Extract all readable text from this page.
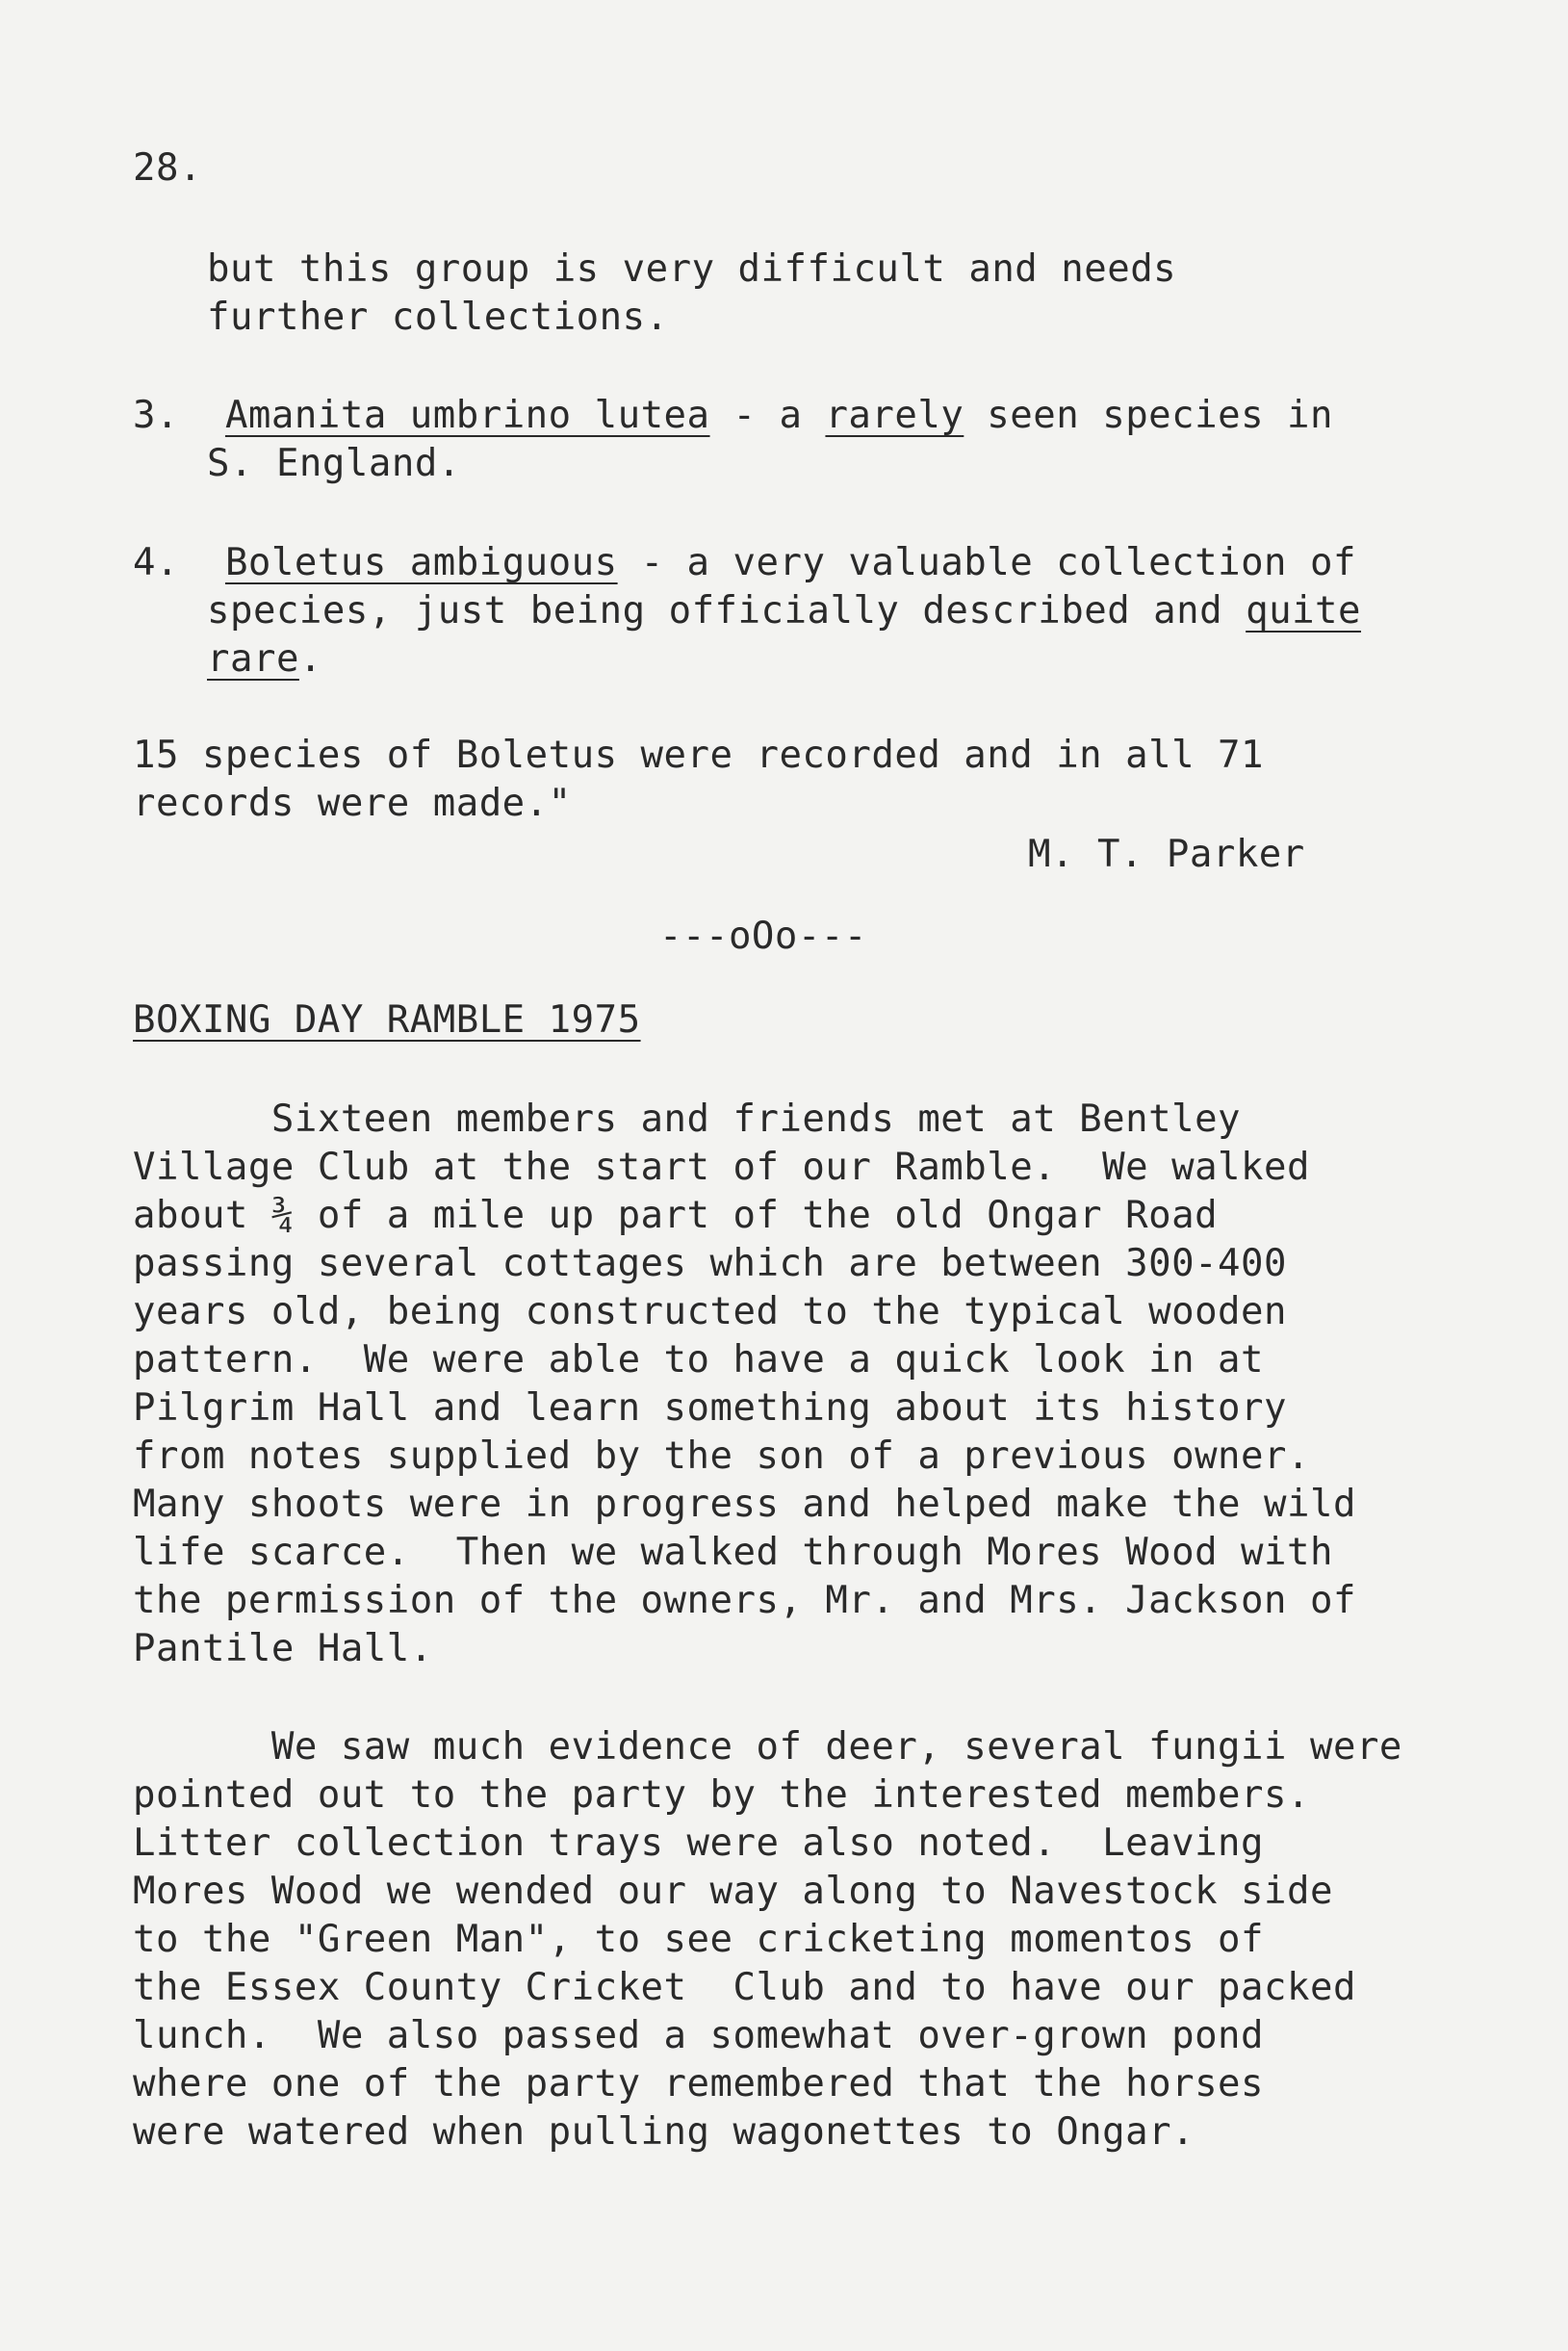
28.
but this group is very difficult and needs
further collections.
3. Amanita umbrino lutea - a rarely seen species in
S. England.
4. Boletus ambiguous - a very valuable collection of
species, just being officially described and quite
rare.
15 species of Boletus were recorded and in all 71
records were made."
M. T. Parker
---oOo---
BOXING DAY RAMBLE 1975
Sixteen members and friends met at Bentley
Village Club at the start of our Ramble.  We walked
about ¾ of a mile up part of the old Ongar Road
passing several cottages which are between 300-400
years old, being constructed to the typical wooden
pattern.  We were able to have a quick look in at
Pilgrim Hall and learn something about its history
from notes supplied by the son of a previous owner.
Many shoots were in progress and helped make the wild
life scarce.  Then we walked through Mores Wood with
the permission of the owners, Mr. and Mrs. Jackson of
Pantile Hall.
We saw much evidence of deer, several fungii were
pointed out to the party by the interested members.
Litter collection trays were also noted.  Leaving
Mores Wood we wended our way along to Navestock side
to the "Green Man", to see cricketing momentos of
the Essex County Cricket  Club and to have our packed
lunch.  We also passed a somewhat over-grown pond
where one of the party remembered that the horses
were watered when pulling wagonettes to Ongar.
